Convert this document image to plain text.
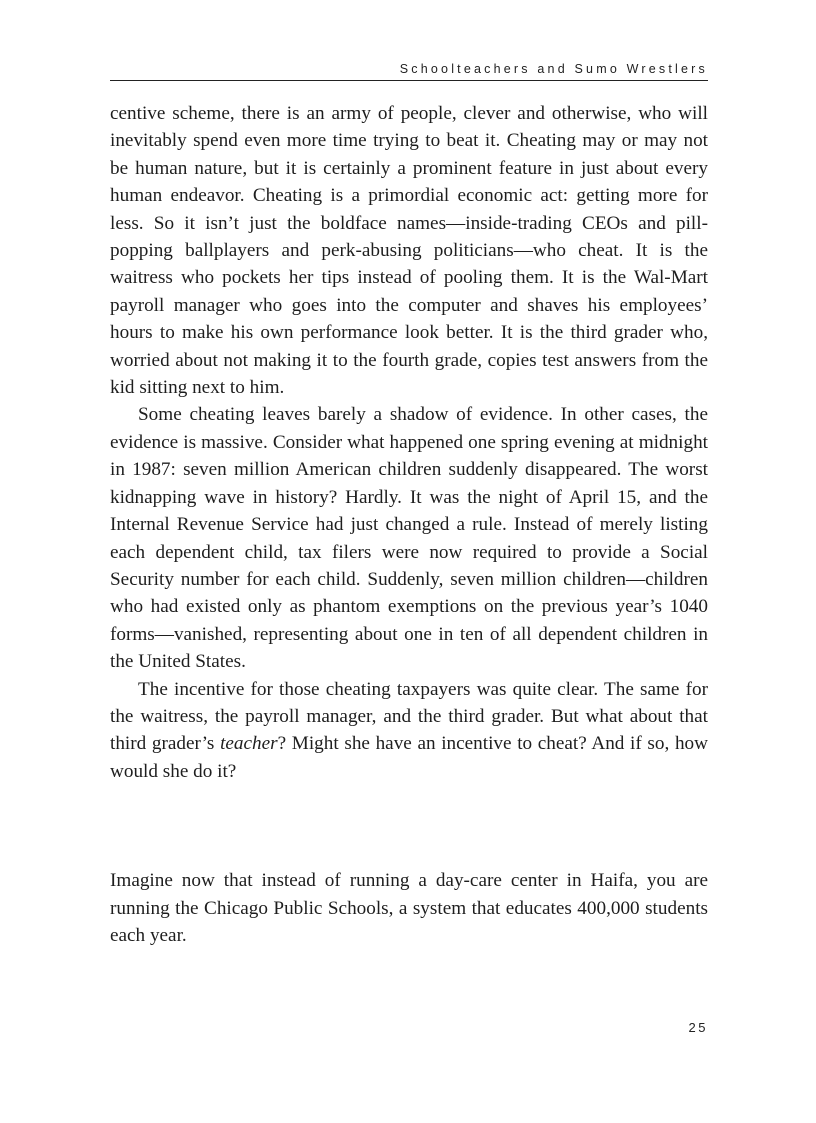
Schoolteachers and Sumo Wrestlers

centive scheme, there is an army of people, clever and otherwise, who will inevitably spend even more time trying to beat it. Cheating may or may not be human nature, but it is certainly a prominent feature in just about every human endeavor. Cheating is a primordial economic act: getting more for less. So it isn’t just the boldface names—inside-trading CEOs and pill-popping ballplayers and perk-abusing politicians—who cheat. It is the waitress who pockets her tips instead of pooling them. It is the Wal-Mart payroll manager who goes into the computer and shaves his employees’ hours to make his own performance look better. It is the third grader who, worried about not making it to the fourth grade, copies test answers from the kid sitting next to him.

Some cheating leaves barely a shadow of evidence. In other cases, the evidence is massive. Consider what happened one spring evening at midnight in 1987: seven million American children suddenly disappeared. The worst kidnapping wave in history? Hardly. It was the night of April 15, and the Internal Revenue Service had just changed a rule. Instead of merely listing each dependent child, tax filers were now required to provide a Social Security number for each child. Suddenly, seven million children—children who had existed only as phantom exemptions on the previous year’s 1040 forms—vanished, representing about one in ten of all dependent children in the United States.

The incentive for those cheating taxpayers was quite clear. The same for the waitress, the payroll manager, and the third grader. But what about that third grader’s teacher? Might she have an incentive to cheat? And if so, how would she do it?

Imagine now that instead of running a day-care center in Haifa, you are running the Chicago Public Schools, a system that educates 400,000 students each year.

25
